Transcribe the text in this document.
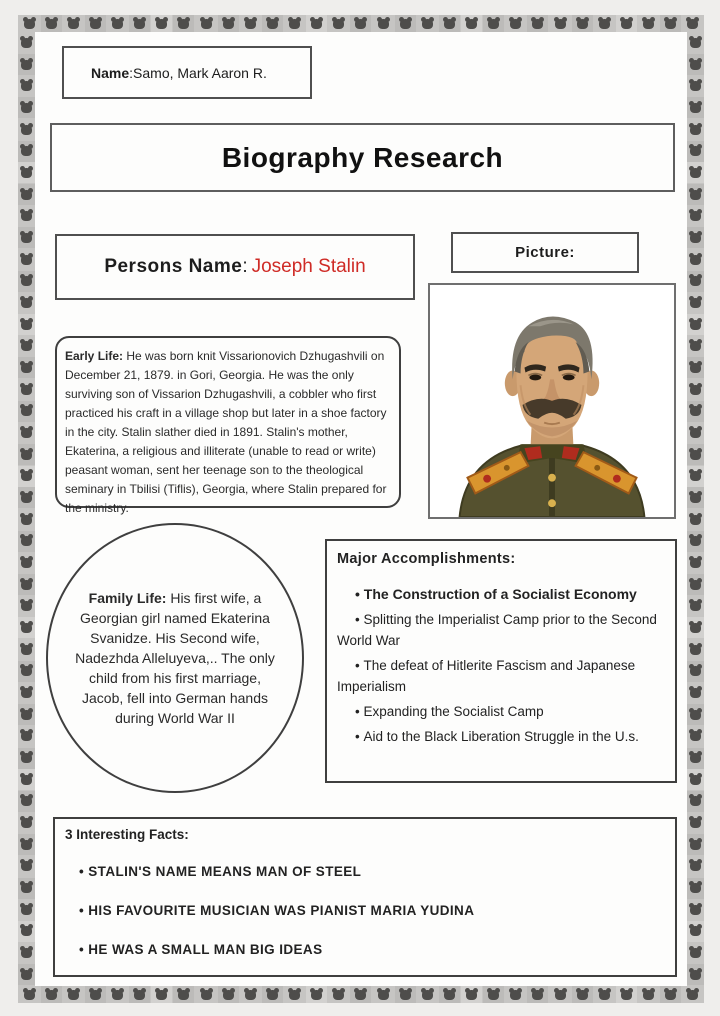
Name : Samo, Mark Aaron R.
Biography Research
Persons Name : Joseph Stalin
Picture:
Early Life: He was born knit Vissarionovich Dzhugashvili on December 21, 1879. in Gori, Georgia. He was the only surviving son of Vissarion Dzhugashvili, a cobbler who first practiced his craft in a village shop but later in a shoe factory in the city. Stalin slather died in 1891. Stalin's mother, Ekaterina, a religious and illiterate (unable to read or write) peasant woman, sent her teenage son to the theological seminary in Tbilisi (Tiflis), Georgia, where Stalin prepared for the ministry.
Family Life: His first wife, a Georgian girl named Ekaterina Svanidze. His Second wife, Nadezhda Alleluyeva,.. The only child from his first marriage, Jacob, fell into German hands during World War II

Major Accomplishments:

• The Construction of a Socialist Economy

• Splitting the Imperialist Camp prior to the Second World War

• The defeat of Hitlerite Fascism and Japanese Imperialism

• Expanding the Socialist Camp

• Aid to the Black Liberation Struggle in the U.s.

3 Interesting Facts:

• STALIN'S NAME MEANS MAN OF STEEL

• HIS FAVOURITE MUSICIAN WAS PIANIST MARIA YUDINA

• HE WAS A SMALL MAN BIG IDEAS
